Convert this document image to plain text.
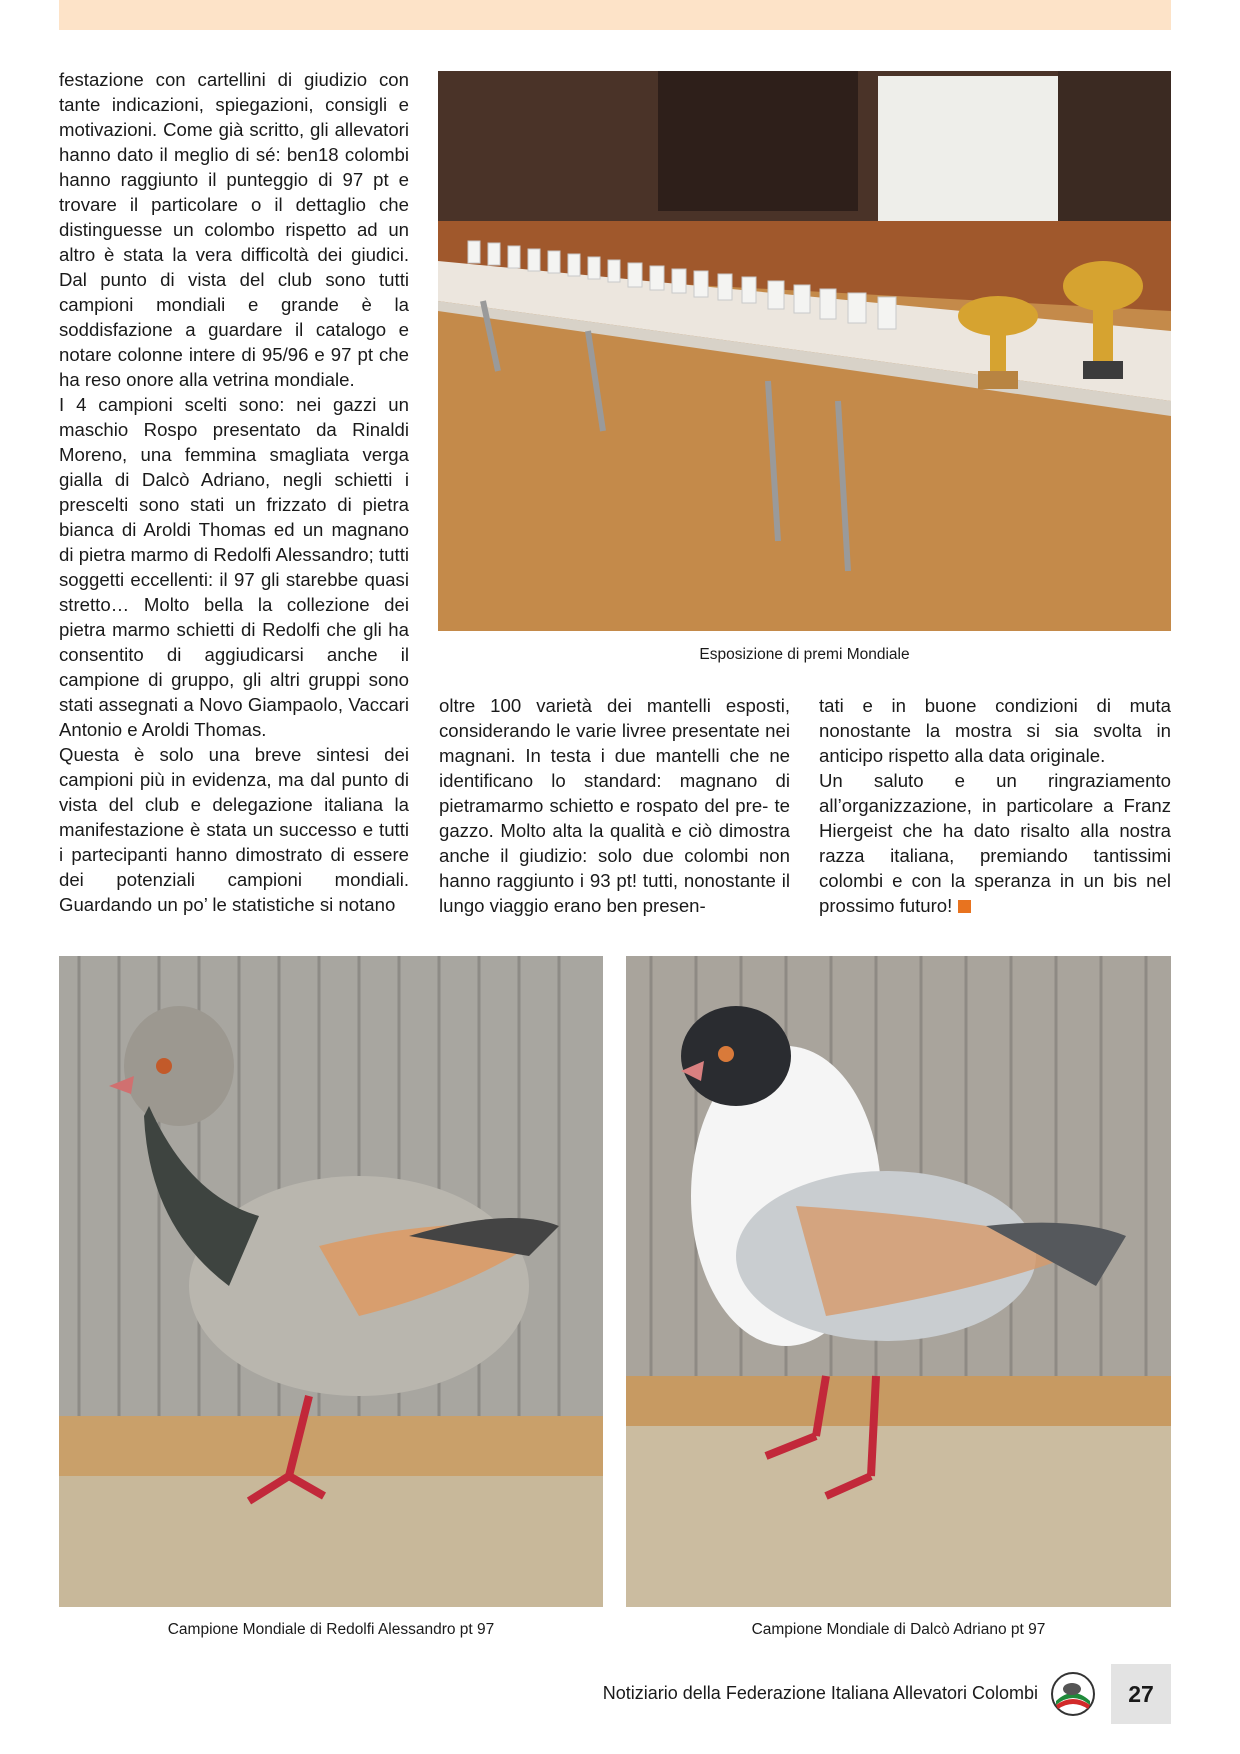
festazione con cartellini di giudizio con tante indicazioni, spiegazioni, consigli e motivazioni. Come già scritto, gli allevatori hanno dato il meglio di sé: ben18 colombi hanno raggiunto il punteggio di 97 pt e trovare il particolare o il dettaglio che distinguesse un colombo rispetto ad un altro è stata la vera difficoltà dei giudici. Dal punto di vista del club sono tutti campioni mondiali e grande è la soddisfazione a guardare il catalogo e notare colonne intere di 95/96 e 97 pt che ha reso onore alla vetrina mondiale.

I 4 campioni scelti sono: nei gazzi un maschio Rospo presentato da Rinaldi Moreno, una femmina smagliata verga gialla di Dalcò Adriano, negli schietti i prescelti sono stati un frizzato di pietra bianca di Aroldi Thomas ed un magnano di pietra marmo di Redolfi Alessandro; tutti soggetti eccellenti: il 97 gli starebbe quasi stretto… Molto bella la collezione dei pietra marmo schietti di Redolfi che gli ha consentito di aggiudicarsi anche il campione di gruppo, gli altri gruppi sono stati assegnati a Novo Giampaolo, Vaccari Antonio e Aroldi Thomas.

Questa è solo una breve sintesi dei campioni più in evidenza, ma dal punto di vista del club e delegazione italiana la manifestazione è stata un successo e tutti i partecipanti hanno dimostrato di essere dei potenziali campioni mondiali. Guardando un po’ le statistiche si notano

Esposizione di premi Mondiale

oltre 100 varietà dei mantelli esposti, considerando le varie livree presentate nei magnani. In testa i due mantelli che ne identificano lo standard: magnano di pietramarmo schietto e rospato del pre- te gazzo. Molto alta la qualità e ciò dimostra anche il giudizio: solo due colombi non hanno raggiunto i 93 pt! tutti, nonostante il lungo viaggio erano ben presen-

tati e in buone condizioni di muta nonostante la mostra si sia svolta in anticipo rispetto alla data originale.

Un saluto e un ringraziamento all’organizzazione, in particolare a Franz Hiergeist che ha dato risalto alla nostra razza italiana, premiando tantissimi colombi e con la speranza in un bis nel prossimo futuro!

Campione Mondiale di Redolfi Alessandro pt 97	Campione Mondiale di Dalcò Adriano pt 97
Notiziario della Federazione Italiana Allevatori Colombi	27
